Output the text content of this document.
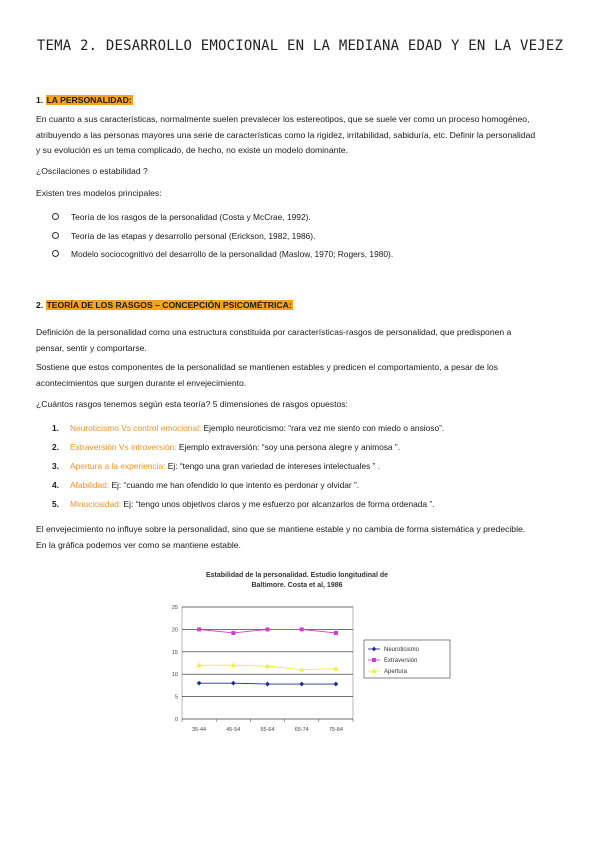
TEMA 2. DESARROLLO EMOCIONAL EN LA MEDIANA EDAD Y EN LA VEJEZ
1. LA PERSONALIDAD:
En cuanto a sus características, normalmente suelen prevalecer los estereotipos, que se suele ver como un proceso homogéneo,
atribuyendo a las personas mayores una serie de características como la rigidez, irritabilidad, sabiduría, etc. Definir la personalidad
y su evolución es un tema complicado, de hecho, no existe un modelo dominante.
¿Oscilaciones o estabilidad ?
Existen tres modelos principales:
Teoría de los rasgos de la personalidad (Costa y McCrae, 1992).
Teoría de las etapas y desarrollo personal (Erickson, 1982, 1986).
Modelo sociocognitivo del desarrollo de la personalidad (Maslow, 1970; Rogers, 1980).
2. TEORÍA DE LOS RASGOS – CONCEPCIÓN PSICOMÉTRICA:
Definición de la personalidad como una estructura constituida por características-rasgos de personalidad, que predisponen a
pensar, sentir y comportarse.
Sostiene que estos componentes de la personalidad se mantienen estables y predicen el comportamiento, a pesar de los
acontecimientos que surgen durante el envejecimiento.
¿Cuántos rasgos tenemos según esta teoría? 5 dimensiones de rasgos opuestos:
1. Neuroticismo Vs control emocional: Ejemplo neuroticismo: “rara vez me siento con miedo o ansioso”.
2. Extraversión Vs introversión: Ejemplo extraversión: “soy una persona alegre y animosa ”.
3. Apertura a la experiencia: Ej: “tengo una gran variedad de intereses intelectuales ” .
4. Afabilidad: Ej: “cuando me han ofendido lo que intento es perdonar y olvidar ”.
5. Minuciosidad: Ej: “tengo unos objetivos claros y me esfuerzo por alcanzarlos de forma ordenada ”.
El envejecimiento no influye sobre la personalidad, sino que se mantiene estable y no cambia de forma sistemática y predecible.
En la gráfica podemos ver como se mantiene estable.
Estabilidad de la personalidad. Estudio longitudinal de
Baltimore. Costa et al, 1986
0
5
10
15
20
25
35-44	45-54	55-64	65-74	75-84
Neuroticismo
Extraversión
Apertura
